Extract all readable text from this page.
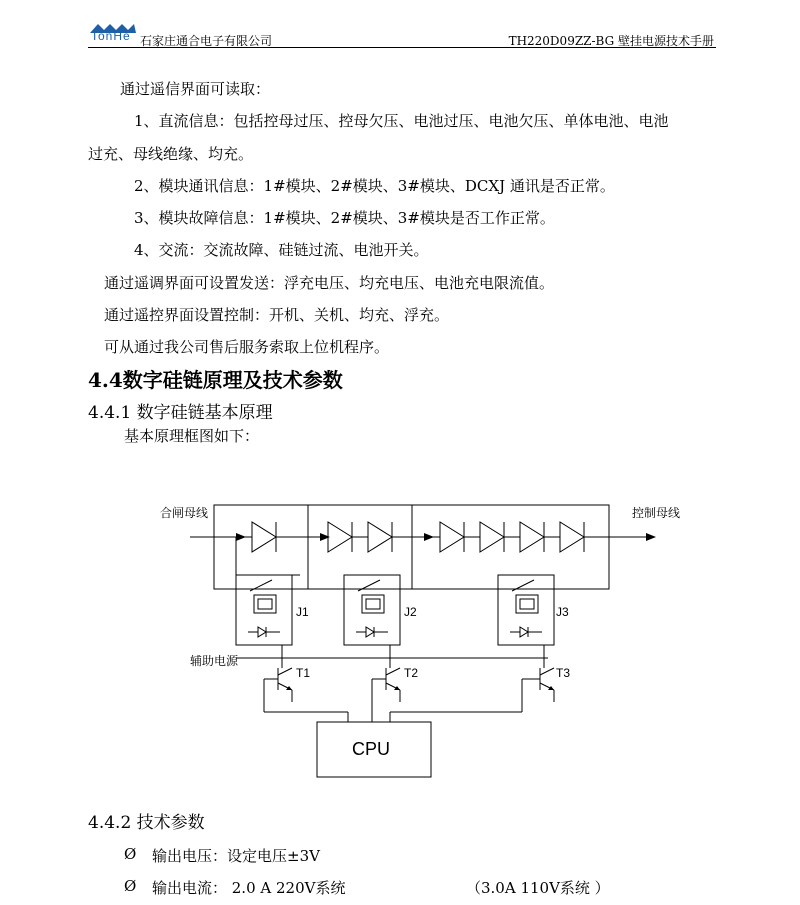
TonHe 石家庄通合电子有限公司	TH220D09ZZ-BG 壁挂电源技术手册
通过遥信界面可读取：
1、直流信息：包括控母过压、控母欠压、电池过压、电池欠压、单体电池、电池
过充、母线绝缘、均充。
2、模块通讯信息：1#模块、2#模块、3#模块、DCXJ 通讯是否正常。
3、模块故障信息：1#模块、2#模块、3#模块是否工作正常。
4、交流：交流故障、硅链过流、电池开关。
通过遥调界面可设置发送：浮充电压、均充电压、电池充电限流值。
通过遥控界面设置控制：开机、关机、均充、浮充。
可从通过我公司售后服务索取上位机程序。
4.4数字硅链原理及技术参数
4.4.1 数字硅链基本原理
基本原理框图如下：
合闸母线	控制母线
辅助电源
J1	J2	J3
T1	T2	T3
CPU
4.4.2 技术参数
Ø 输出电压：设定电压±3V
Ø 输出电流： 2.0 A 220V系统	（3.0A 110V系统 ）
